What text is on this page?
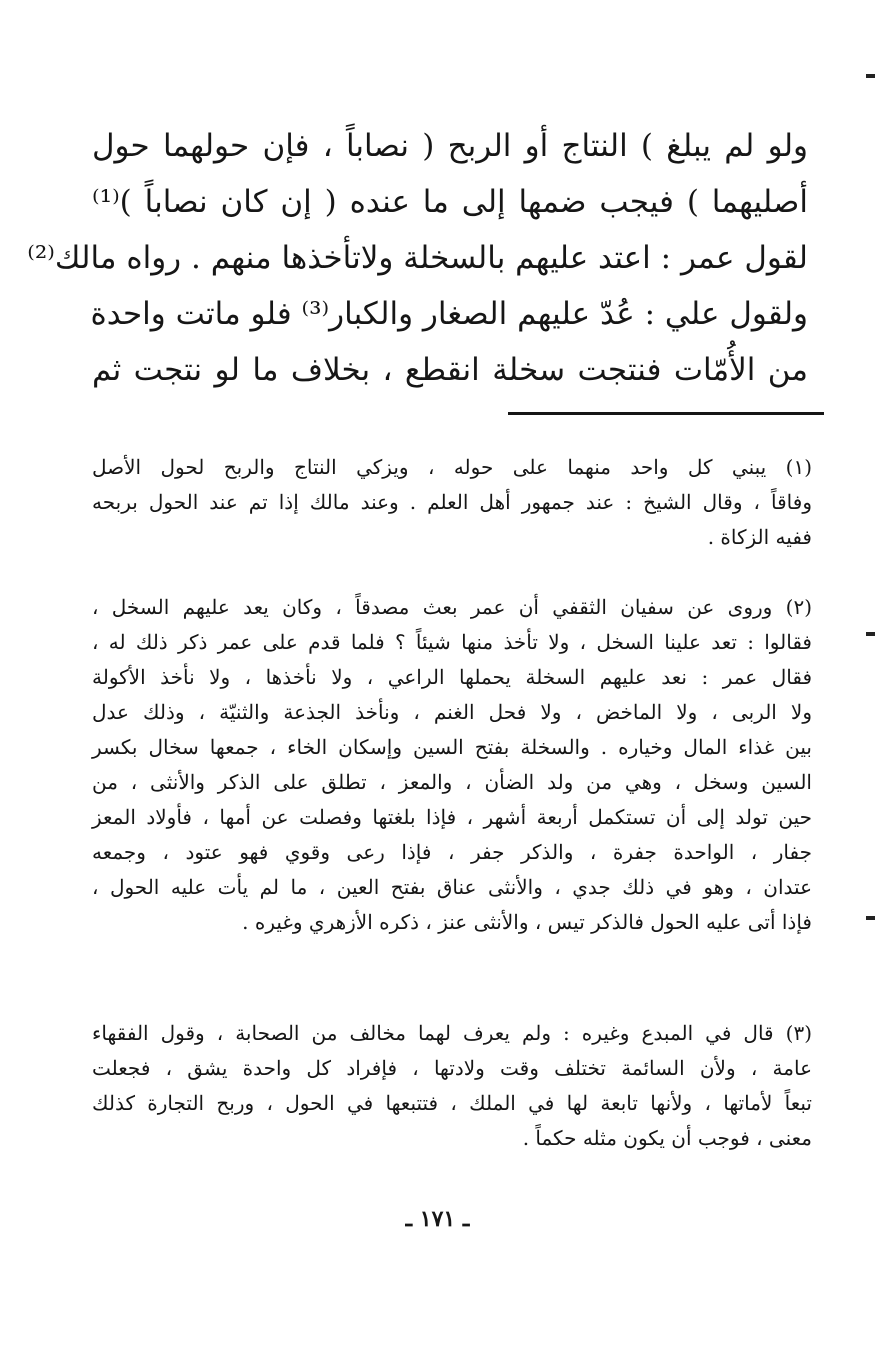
ولو لم يبلغ ) النتاج أو الربح ( نصاباً ، فإن حولهما حول
أصليهما ) فيجب ضمها إلى ما عنده ( إن كان نصاباً )⁽¹⁾
لقول عمر : اعتد عليهم بالسخلة ولاتأخذها منهم . رواه مالك⁽²⁾
ولقول علي : عُدّ عليهم الصغار والكبار⁽³⁾ فلو ماتت واحدة
من الأُمّات فنتجت سخلة انقطع ، بخلاف ما لو نتجت ثم
(١) يبني كل واحد منهما على حوله ، ويزكي النتاج والربح لحول الأصل
وفاقاً ، وقال الشيخ : عند جمهور أهل العلم . وعند مالك إذا تم عند الحول بربحه
ففيه الزكاة .
(٢) وروى عن سفيان الثقفي أن عمر بعث مصدقاً ، وكان يعد عليهم السخل ،
فقالوا : تعد علينا السخل ، ولا تأخذ منها شيئاً ؟ فلما قدم على عمر ذكر ذلك له ،
فقال عمر : نعد عليهم السخلة يحملها الراعي ، ولا نأخذها ، ولا نأخذ الأكولة
ولا الربى ، ولا الماخض ، ولا فحل الغنم ، ونأخذ الجذعة والثنيّة ، وذلك عدل
بين غذاء المال وخياره . والسخلة بفتح السين وإسكان الخاء ، جمعها سخال بكسر
السين وسخل ، وهي من ولد الضأن ، والمعز ، تطلق على الذكر والأنثى ، من
حين تولد إلى أن تستكمل أربعة أشهر ، فإذا بلغتها وفصلت عن أمها ، فأولاد المعز
جفار ، الواحدة جفرة ، والذكر جفر ، فإذا رعى وقوي فهو عتود ، وجمعه
عتدان ، وهو في ذلك جدي ، والأنثى عناق بفتح العين ، ما لم يأت عليه الحول ،
فإذا أتى عليه الحول فالذكر تيس ، والأنثى عنز ، ذكره الأزهري وغيره .
(٣) قال في المبدع وغيره : ولم يعرف لهما مخالف من الصحابة ، وقول الفقهاء
عامة ، ولأن السائمة تختلف وقت ولادتها ، فإفراد كل واحدة يشق ، فجعلت
تبعاً لأماتها ، ولأنها تابعة لها في الملك ، فتتبعها في الحول ، وربح التجارة كذلك
معنى ، فوجب أن يكون مثله حكماً .
ـ ١٧١ ـ
